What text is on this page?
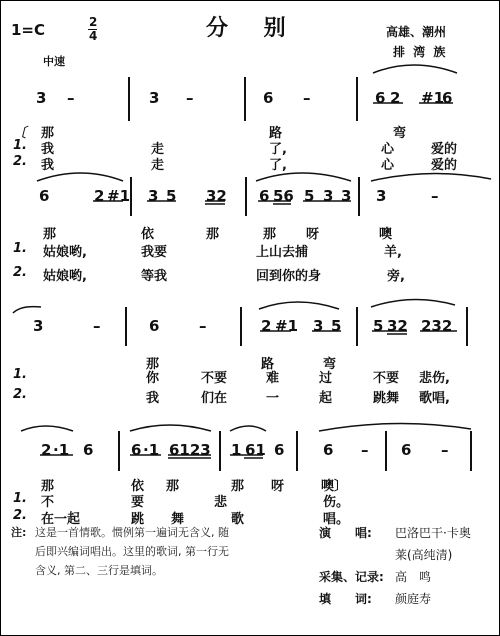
1=C	2
4	分 别	高雄、潮州
排 湾 族
中速
3 –	3 –	6 –	6 2 #1
6
〔 那	路	弯
1. 我	走	了,	心	爱的
2. 我	走	了,	心	爱的
6	2 #1 3 5 32 6 56 5 3 3 3	–
那	依	那	那 呀	噢
1. 姑娘哟,	我要	上山去捕	羊,
2. 姑娘哟,	等我	回到你的身	旁,
3	–	6	–	2 #1 3 5 5 32 232
那	路	弯
1.	你	不要	难	过	不要 悲伤,
2.	我	们在	一	起	跳舞 歌唱,
2 ·1 6	6 ·1 6123 1 61 6	6 – 6 –
那	依 那	那 呀	噢〕
1. 不	要	悲	伤。
2. 在一起	跳 舞	歌	唱。
注: 这是一首情歌。惯例第一遍词无含义, 随
后即兴编词唱出。这里的歌词, 第一行无
含义, 第二、三行是填词。
演　　唱: 巴洛巴干·卡奥
莱(高纯清)
采集、记录: 高　鸣
填　　词: 颜庭寿
